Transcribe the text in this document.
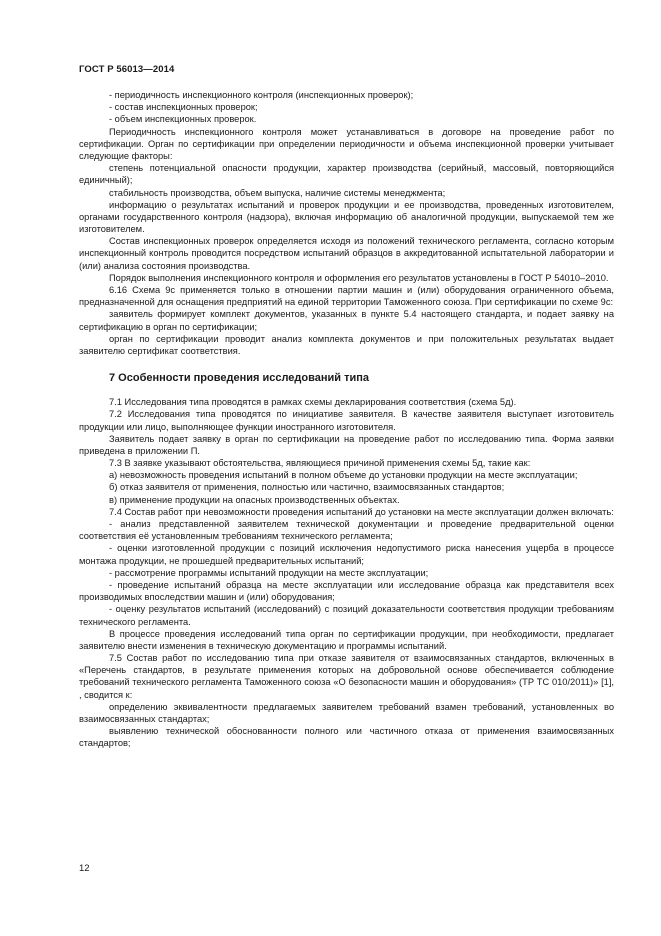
ГОСТ Р 56013—2014

- периодичность инспекционного контроля (инспекционных проверок);

- состав инспекционных проверок;

- объем инспекционных проверок.

Периодичность инспекционного контроля может устанавливаться в договоре на проведение работ по сертификации. Орган по сертификации при определении периодичности и объема инспекционной проверки учитывает следующие факторы:

степень потенциальной опасности продукции, характер производства (серийный, массовый, повторяющийся единичный);

стабильность производства, объем выпуска, наличие системы менеджмента;

информацию о результатах испытаний и проверок продукции и ее производства, проведенных изготовителем, органами государственного контроля (надзора), включая информацию об аналогичной продукции, выпускаемой тем же изготовителем.

Состав инспекционных проверок определяется исходя из положений технического регламента, согласно которым инспекционный контроль проводится посредством испытаний образцов в аккредитованной испытательной лаборатории и (или) анализа состояния производства.

Порядок выполнения инспекционного контроля и оформления его результатов установлены в ГОСТ Р 54010–2010.

6.16 Схема 9с применяется только в отношении партии машин и (или) оборудования ограниченного объема, предназначенной для оснащения предприятий на единой территории Таможенного союза. При сертификации по схеме 9с:

заявитель формирует комплект документов, указанных в пункте 5.4 настоящего стандарта, и подает заявку на сертификацию в орган по сертификации;

орган по сертификации проводит анализ комплекта документов и при положительных результатах выдает заявителю сертификат соответствия.

7 Особенности проведения исследований типа

7.1 Исследования типа проводятся в рамках схемы декларирования соответствия (схема 5д).

7.2 Исследования типа проводятся по инициативе заявителя. В качестве заявителя выступает изготовитель продукции или лицо, выполняющее функции иностранного изготовителя.

Заявитель подает заявку в орган по сертификации на проведение работ по исследованию типа. Форма заявки приведена в приложении П.

7.3 В заявке указывают обстоятельства, являющиеся причиной применения схемы 5д, такие как:

а) невозможность проведения испытаний в полном объеме до установки продукции на месте эксплуатации;

б) отказ заявителя от применения, полностью или частично, взаимосвязанных стандартов;

в) применение продукции на опасных производственных объектах.

7.4 Состав работ при невозможности проведения испытаний до установки на месте эксплуатации должен включать:

- анализ представленной заявителем технической документации и проведение предварительной оценки соответствия её установленным требованиям технического регламента;

- оценки изготовленной продукции с позиций исключения недопустимого риска нанесения ущерба в процессе монтажа продукции, не прошедшей предварительных испытаний;

- рассмотрение программы испытаний продукции на месте эксплуатации;

- проведение испытаний образца на месте эксплуатации или исследование образца как представителя всех производимых впоследствии машин и (или) оборудования;

- оценку результатов испытаний (исследований) с позиций доказательности соответствия продукции требованиям технического регламента.

В процессе проведения исследований типа орган по сертификации продукции, при необходимости, предлагает заявителю внести изменения в техническую документацию и программы испытаний.

7.5 Состав работ по исследованию типа при отказе заявителя от взаимосвязанных стандартов, включенных в «Перечень стандартов, в результате применения которых на добровольной основе обеспечивается соблюдение требований технического регламента Таможенного союза «О безопасности машин и оборудования» (ТР ТС 010/2011)» [1], , сводится к:

определению эквивалентности предлагаемых заявителем требований взамен требований, установленных во взаимосвязанных стандартах;

выявлению технической обоснованности полного или частичного отказа от применения взаимосвязанных стандартов;

12
